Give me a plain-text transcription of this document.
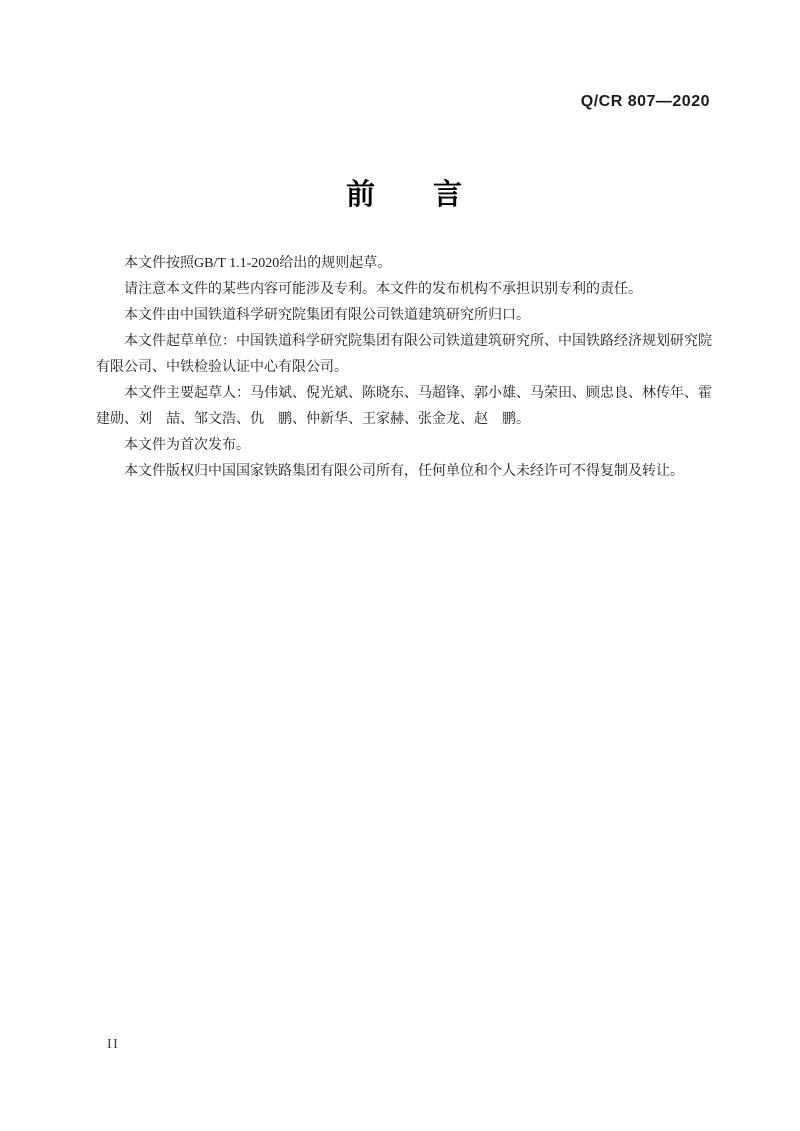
Q/CR 807—2020
前　　言
本文件按照GB/T 1.1-2020给出的规则起草。
请注意本文件的某些内容可能涉及专利。本文件的发布机构不承担识别专利的责任。
本文件由中国铁道科学研究院集团有限公司铁道建筑研究所归口。
本文件起草单位：中国铁道科学研究院集团有限公司铁道建筑研究所、中国铁路经济规划研究院
有限公司、中铁检验认证中心有限公司。
本文件主要起草人：马伟斌、倪光斌、陈晓东、马超锋、郭小雄、马荣田、顾忠良、林传年、霍
建勋、刘　喆、邹文浩、仇　鹏、仲新华、王家赫、张金龙、赵　鹏。
本文件为首次发布。
本文件版权归中国国家铁路集团有限公司所有，任何单位和个人未经许可不得复制及转让。
II
